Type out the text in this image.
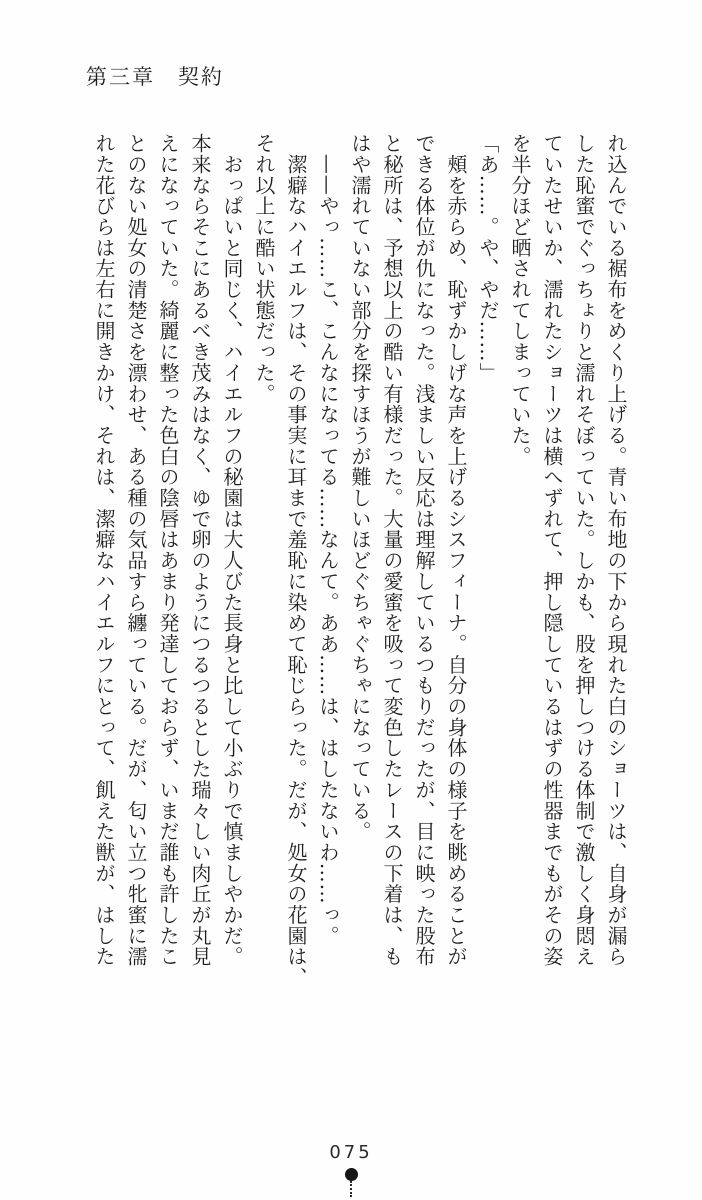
第三章　契約
れ込んでいる裾布をめくり上げる。青い布地の下から現れた白のショーツは、自身が漏ら
した恥蜜でぐっちょりと濡れそぼっていた。しかも、股を押しつける体制で激しく身悶え
ていたせいか、濡れたショーツは横へずれて、押し隠しているはずの性器までもがその姿
を半分ほど晒されてしまっていた。
「あ……。や、やだ……」
　頰を赤らめ、恥ずかしげな声を上げるシスフィーナ。自分の身体の様子を眺めることが
できる体位が仇になった。浅ましい反応は理解しているつもりだったが、目に映った股布
と秘所は、予想以上の酷い有様だった。大量の愛蜜を吸って変色したレースの下着は、も
はや濡れていない部分を探すほうが難しいほどぐちゃぐちゃになっている。
　——やっ……こ、こんなになってる……なんて。ああ……は、はしたないわ……っ。
　潔癖なハイエルフは、その事実に耳まで羞恥に染めて恥じらった。だが、処女の花園は、
それ以上に酷い状態だった。
　おっぱいと同じく、ハイエルフの秘園は大人びた長身と比して小ぶりで慎ましやかだ。
本来ならそこにあるべき茂みはなく、ゆで卵のようにつるつるとした瑞々しい肉丘が丸見
えになっていた。綺麗に整った色白の陰唇はあまり発達しておらず、いまだ誰も許したこ
とのない処女の清楚さを漂わせ、ある種の気品すら纏っている。だが、匂い立つ牝蜜に濡
れた花びらは左右に開きかけ、それは、潔癖なハイエルフにとって、飢えた獣が、はした
075
